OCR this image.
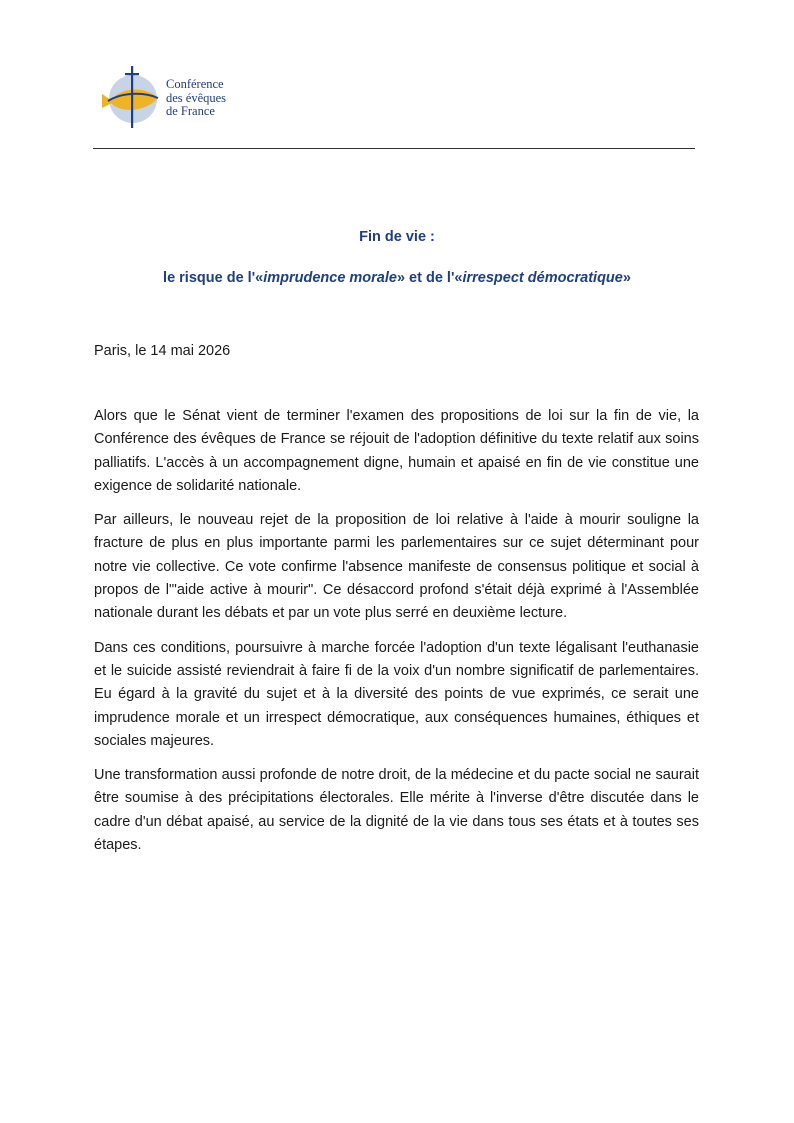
Conférence
des évêques
de France
Fin de vie :
le risque de l'«imprudence morale» et de l'«irrespect démocratique»
Paris, le 14 mai 2026

Alors que le Sénat vient de terminer l'examen des propositions de loi sur la fin de vie, la Conférence des évêques de France se réjouit de l'adoption définitive du texte relatif aux soins palliatifs. L'accès à un accompagnement digne, humain et apaisé en fin de vie constitue une exigence de solidarité nationale.

Par ailleurs, le nouveau rejet de la proposition de loi relative à l'aide à mourir souligne la fracture de plus en plus importante parmi les parlementaires sur ce sujet déterminant pour notre vie collective. Ce vote confirme l'absence manifeste de consensus politique et social à propos de l'"aide active à mourir". Ce désaccord profond s'était déjà exprimé à l'Assemblée nationale durant les débats et par un vote plus serré en deuxième lecture.

Dans ces conditions, poursuivre à marche forcée l'adoption d'un texte légalisant l'euthanasie et le suicide assisté reviendrait à faire fi de la voix d'un nombre significatif de parlementaires. Eu égard à la gravité du sujet et à la diversité des points de vue exprimés, ce serait une imprudence morale et un irrespect démocratique, aux conséquences humaines, éthiques et sociales majeures.

Une transformation aussi profonde de notre droit, de la médecine et du pacte social ne saurait être soumise à des précipitations électorales. Elle mérite à l'inverse d'être discutée dans le cadre d'un débat apaisé, au service de la dignité de la vie dans tous ses états et à toutes ses étapes.
